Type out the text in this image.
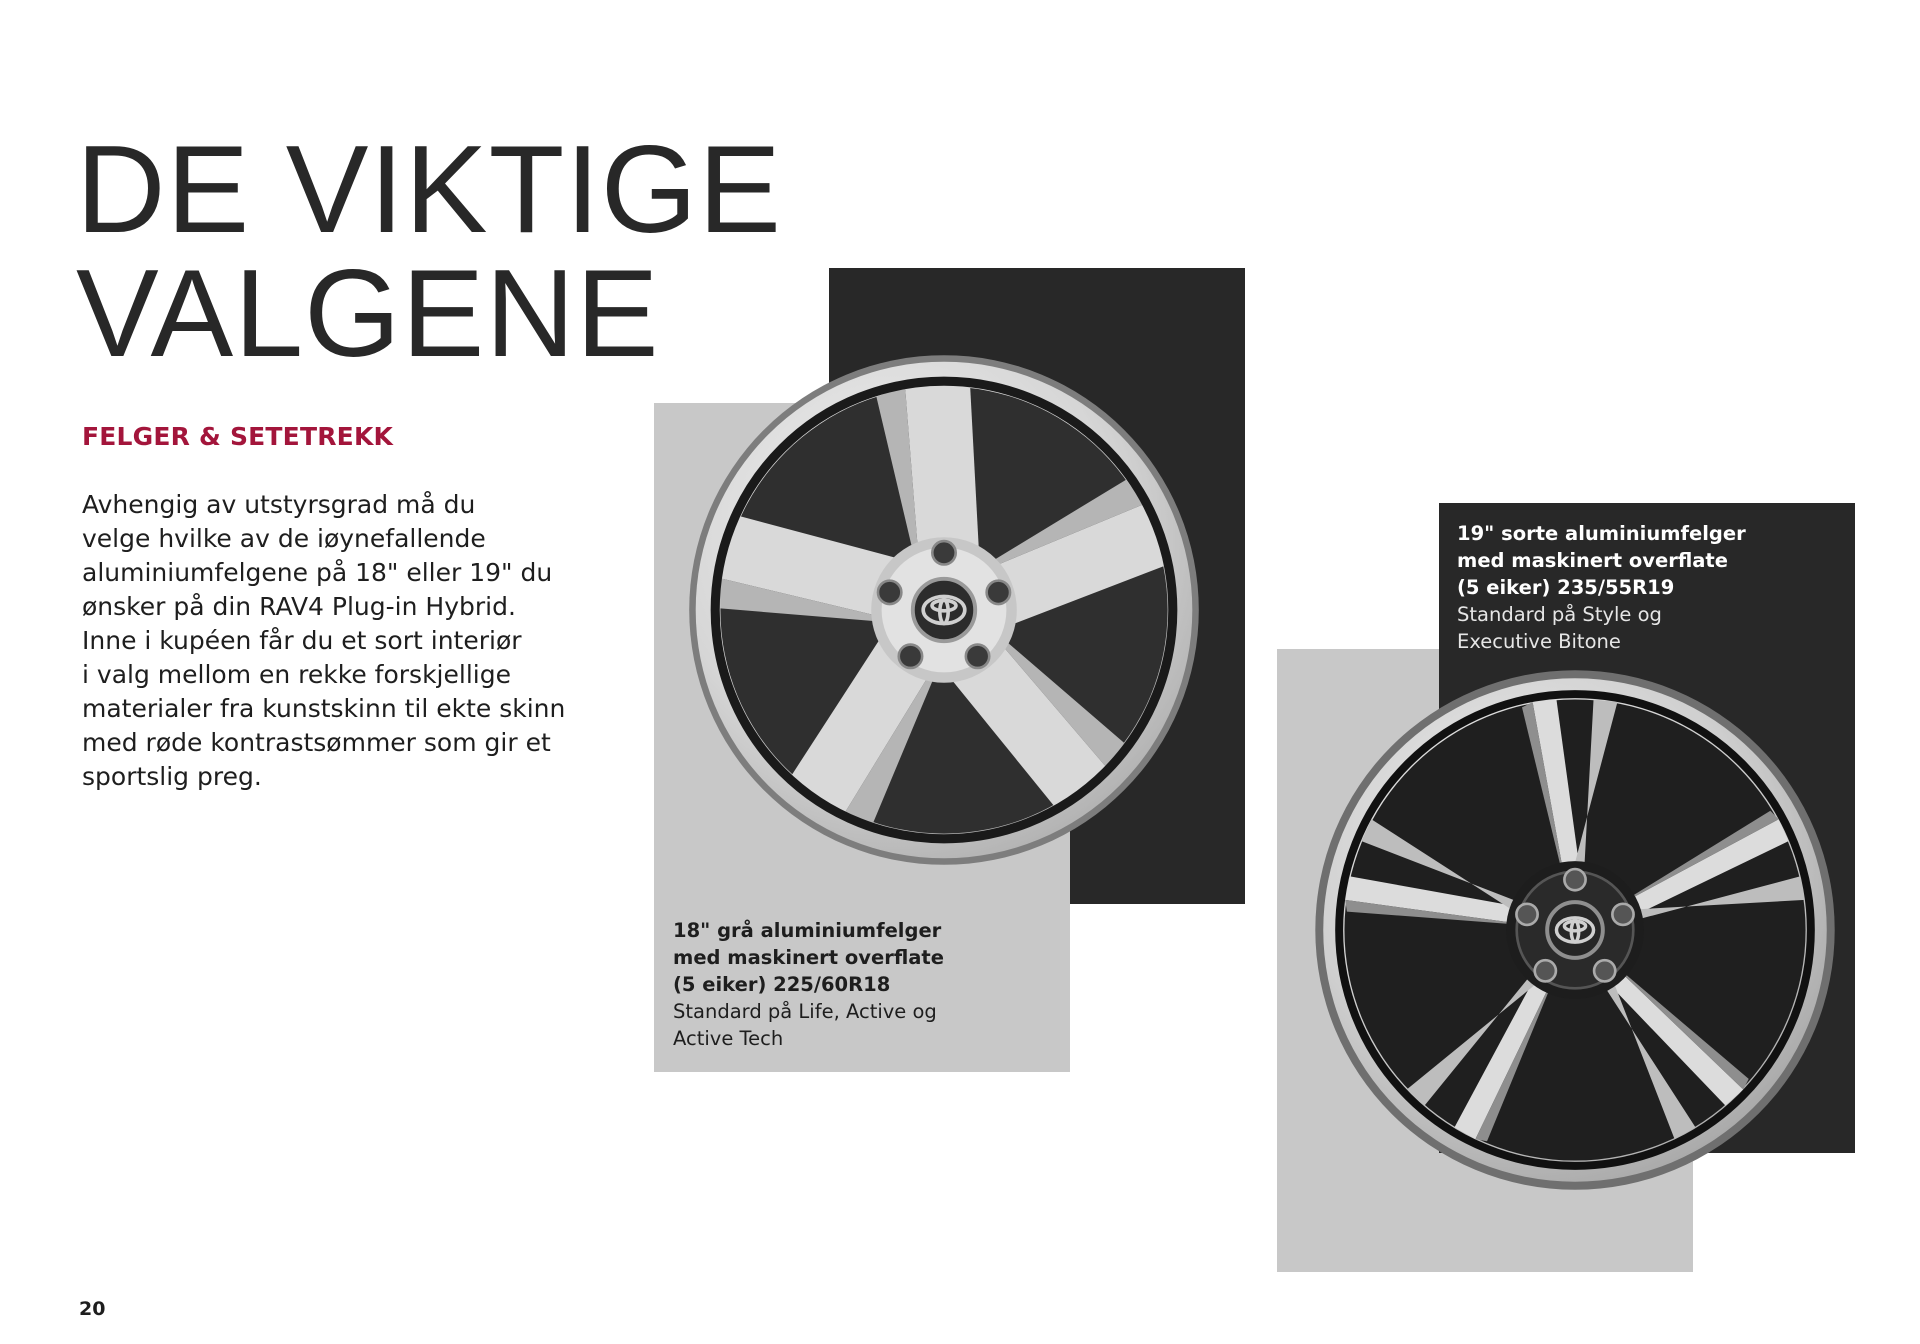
DE VIKTIGE
VALGENE
FELGER & SETETREKK
Avhengig av utstyrsgrad må du
velge hvilke av de iøynefallende
aluminiumfelgene på 18" eller 19" du
ønsker på din RAV4 Plug-in Hybrid.
Inne i kupéen får du et sort interiør
i valg mellom en rekke forskjellige
materialer fra kunstskinn til ekte skinn
med røde kontrastsømmer som gir et
sportslig preg.
18" grå aluminiumfelger
med maskinert overflate
(5 eiker) 225/60R18
Standard på Life, Active og
Active Tech
19" sorte aluminiumfelger
med maskinert overflate
(5 eiker) 235/55R19
Standard på Style og
Executive Bitone
20
